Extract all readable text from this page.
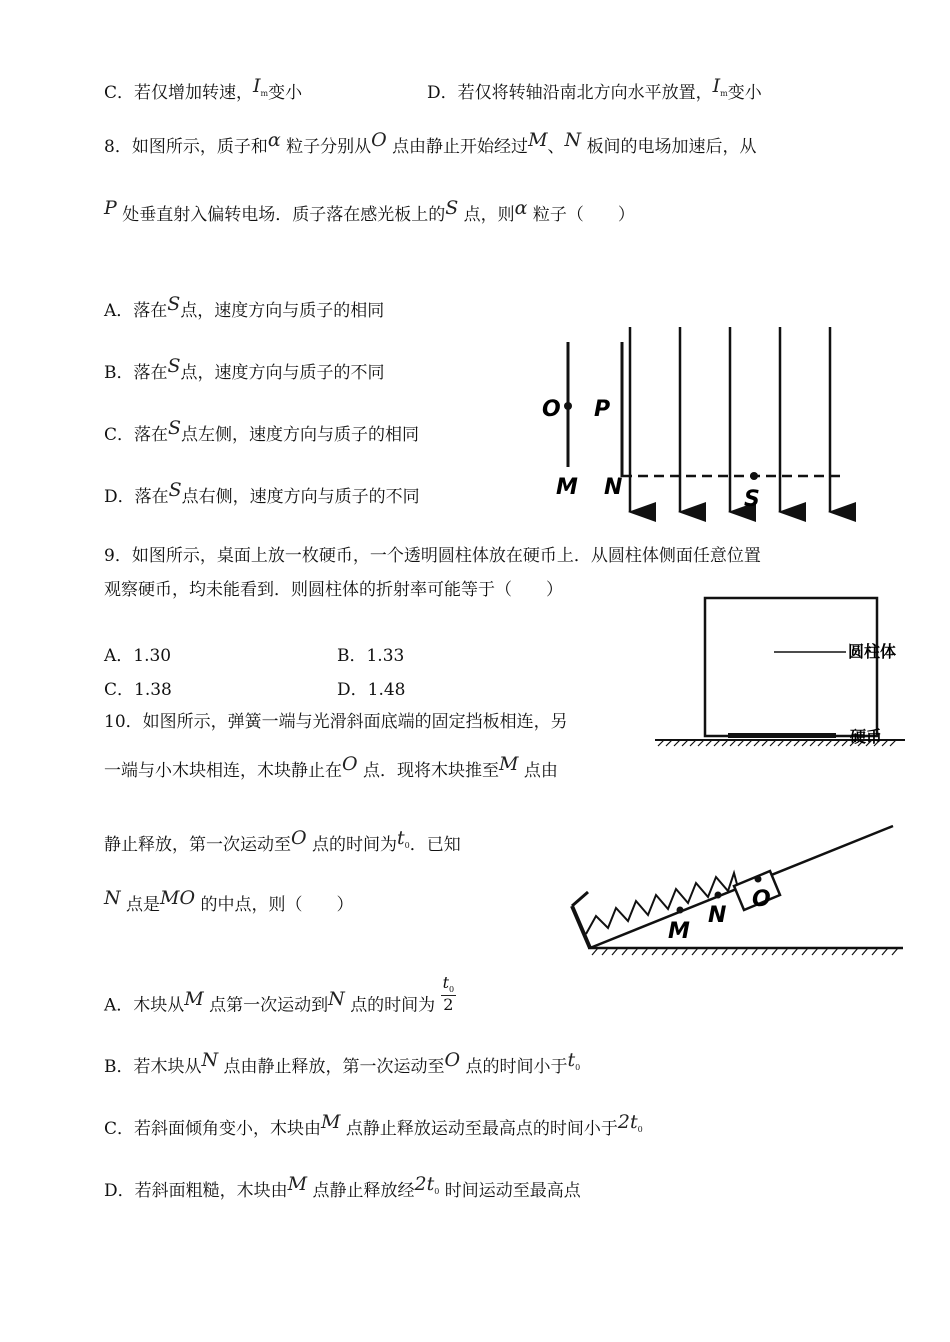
C．若仅增加转速，$I_m$变小	D．若仅将转轴沿南北方向水平放置，$I_m$变小
8．如图所示，质子和α 粒子分别从O 点由静止开始经过M、N 板间的电场加速后，从
P 处垂直射入偏转电场．质子落在感光板上的S 点，则α 粒子（　　）
A．落在S点，速度方向与质子的相同
B．落在S点，速度方向与质子的不同
C．落在S点左侧，速度方向与质子的相同
D．落在S点右侧，速度方向与质子的不同
O P
M N	S
9．如图所示，桌面上放一枚硬币，一个透明圆柱体放在硬币上．从圆柱体侧面任意位置
观察硬币，均未能看到．则圆柱体的折射率可能等于（　　）
A．1.30	B．1.33
C．1.38	D．1.48
圆柱体
硬币
10．如图所示，弹簧一端与光滑斜面底端的固定挡板相连，另
一端与小木块相连，木块静止在O 点．现将木块推至M 点由
静止释放，第一次运动至O 点的时间为$t_0$．已知
N 点是MO 的中点，则（　　）
M
N
O
A．木块从M 点第一次运动到N 点的时间为 $\frac{t_0}{2}$
B．若木块从N 点由静止释放，第一次运动至O 点的时间小于$t_0$
C．若斜面倾角变小，木块由M 点静止释放运动至最高点的时间小于$2t_0$
D．若斜面粗糙，木块由M 点静止释放经$2t_0$ 时间运动至最高点
